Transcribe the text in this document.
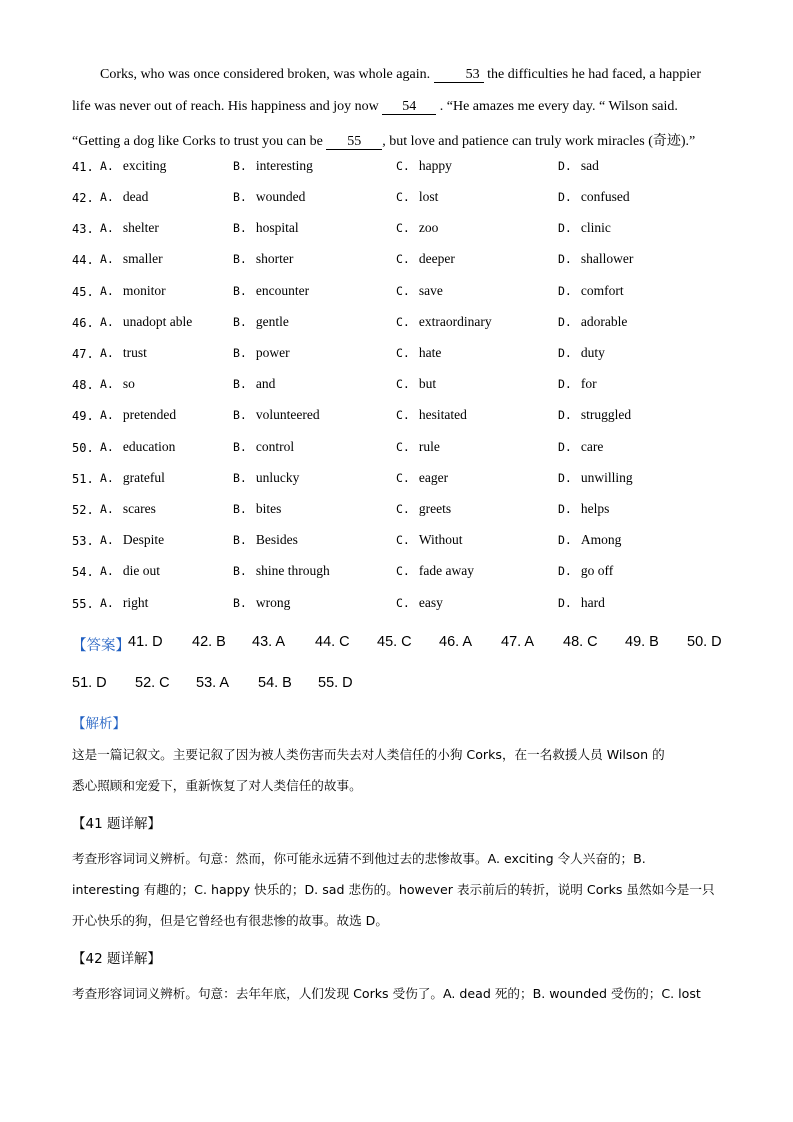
Corks, who was once considered broken, was whole again.	53 the difficulties he had faced, a happier
life was never out of reach. His happiness and joy now 54 . “He amazes me every day. “ Wilson said.
“Getting a dog like Corks to trust you can be 55 , but love and patience can truly work miracles (奇迹).”
41. A. exciting	B. interesting	C. happy	D. sad
42. A. dead	B. wounded	C. lost	D. confused
43. A. shelter	B. hospital	C. zoo	D. clinic
44. A. smaller	B. shorter	C. deeper	D. shallower
45. A. monitor	B. encounter	C. save	D. comfort
46. A. unadopt able	B. gentle	C. extraordinary	D. adorable
47. A. trust	B. power	C. hate	D. duty
48. A. so	B. and	C. but	D. for
49. A. pretended	B. volunteered	C. hesitated	D. struggled
50. A. education	B. control	C. rule	D. care
51. A. grateful	B. unlucky	C. eager	D. unwilling
52. A. scares	B. bites	C. greets	D. helps
53. A. Despite	B. Besides	C. Without	D. Among
54. A. die out	B. shine through	C. fade away	D. go off
55. A. right	B. wrong	C. easy	D. hard
【答案】
41. D 42. B 43. A 44. C 45. C 46. A 47. A 48. C 49. B 50. D
51. D 52. C 53. A 54. B 55. D
【解析】
这是一篇记叙文。主要记叙了因为被人类伤害而失去对人类信任的小狗 Corks，在一名救援人员 Wilson 的
悉心照顾和宠爱下，重新恢复了对人类信任的故事。
【41 题详解】
考查形容词词义辨析。句意：然而，你可能永远猜不到他过去的悲惨故事。A. exciting 令人兴奋的；B.
interesting 有趣的；C. happy 快乐的；D. sad 悲伤的。however 表示前后的转折，说明 Corks 虽然如今是一只
开心快乐的狗，但是它曾经也有很悲惨的故事。故选 D。
【42 题详解】
考查形容词词义辨析。句意：去年年底，人们发现 Corks 受伤了。A. dead 死的；B. wounded 受伤的；C. lost
